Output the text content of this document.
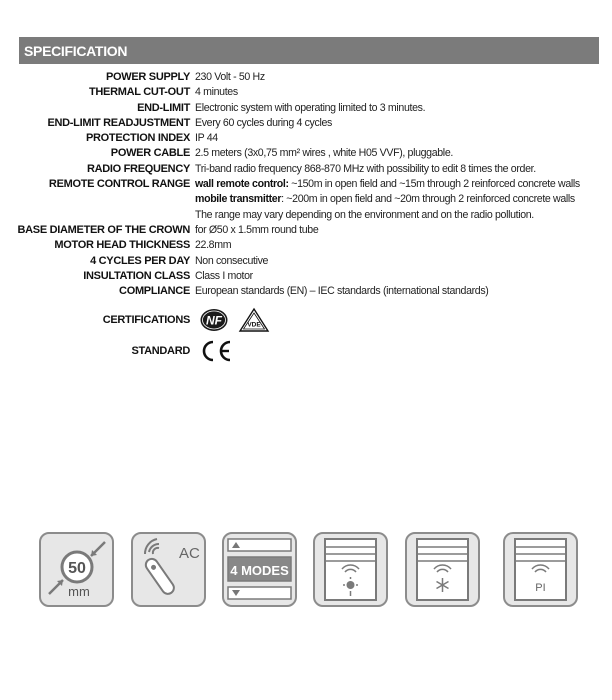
SPECIFICATION
POWER SUPPLY 230 Volt - 50 Hz
THERMAL CUT-OUT 4 minutes
END-LIMIT Electronic system with operating limited to 3 minutes.
END-LIMIT READJUSTMENT Every 60 cycles during 4 cycles
PROTECTION INDEX IP 44
POWER CABLE 2.5 meters (3x0,75 mm² wires , white H05 VVF), pluggable.
RADIO FREQUENCY Tri-band radio frequency 868-870 MHz with possibility to edit 8 times the order.
REMOTE CONTROL RANGE wall remote control: ~150m in open field and ~15m through 2 reinforced concrete walls
mobile transmitter: ~200m in open field and ~20m through 2 reinforced concrete walls
The range may vary depending on the environment and on the radio pollution.
BASE DIAMETER OF THE CROWN for Ø50 x 1.5mm round tube
MOTOR HEAD THICKNESS 22.8mm
4 CYCLES PER DAY Non consecutive
INSULTATION CLASS Class I motor
COMPLIANCE European standards (EN) – IEC standards (international standards)
CERTIFICATIONS	NF	VDE
STANDARD
50
mm
AC
4 MODES
PI
